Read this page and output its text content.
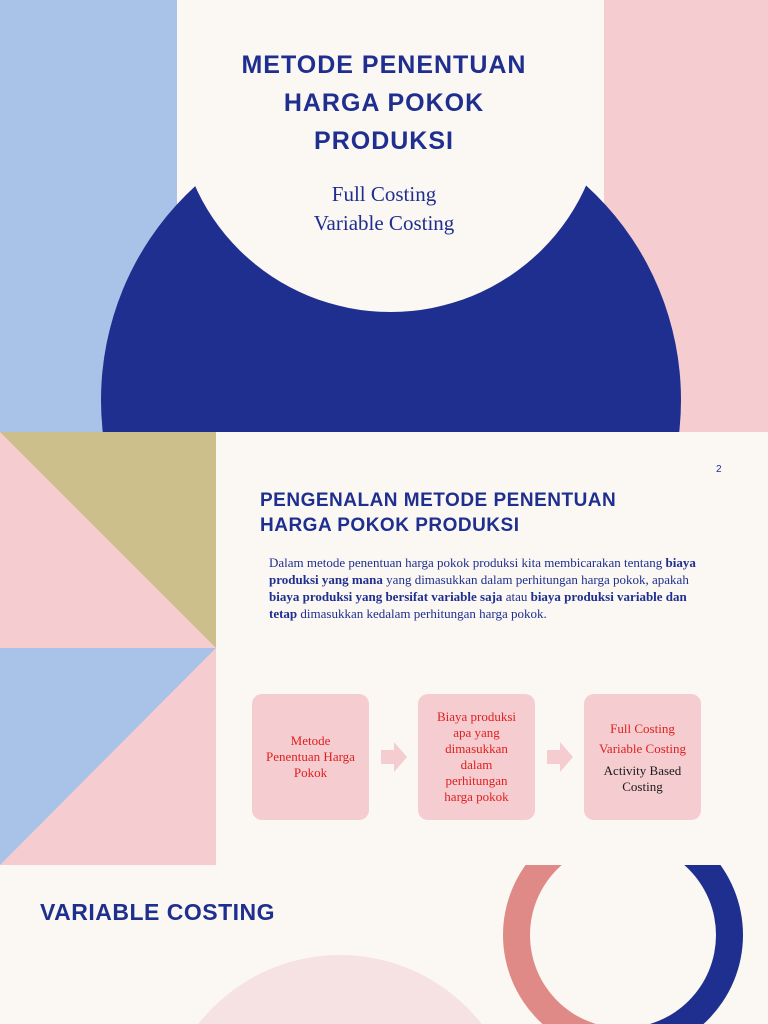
METODE PENENTUAN
HARGA POKOK
PRODUKSI
Full Costing
Variable Costing
2
PENGENALAN METODE PENENTUAN
HARGA POKOK PRODUKSI
Dalam metode penentuan harga pokok produksi kita membicarakan tentang biaya produksi yang mana yang dimasukkan dalam perhitungan harga pokok, apakah biaya produksi yang bersifat variable saja atau biaya produksi variable dan tetap dimasukkan kedalam perhitungan harga pokok.
Metode
Penentuan Harga
Pokok
Biaya produksi
apa yang
dimasukkan
dalam
perhitungan
harga pokok
Full Costing
Variable Costing
Activity Based
Costing
VARIABLE COSTING
